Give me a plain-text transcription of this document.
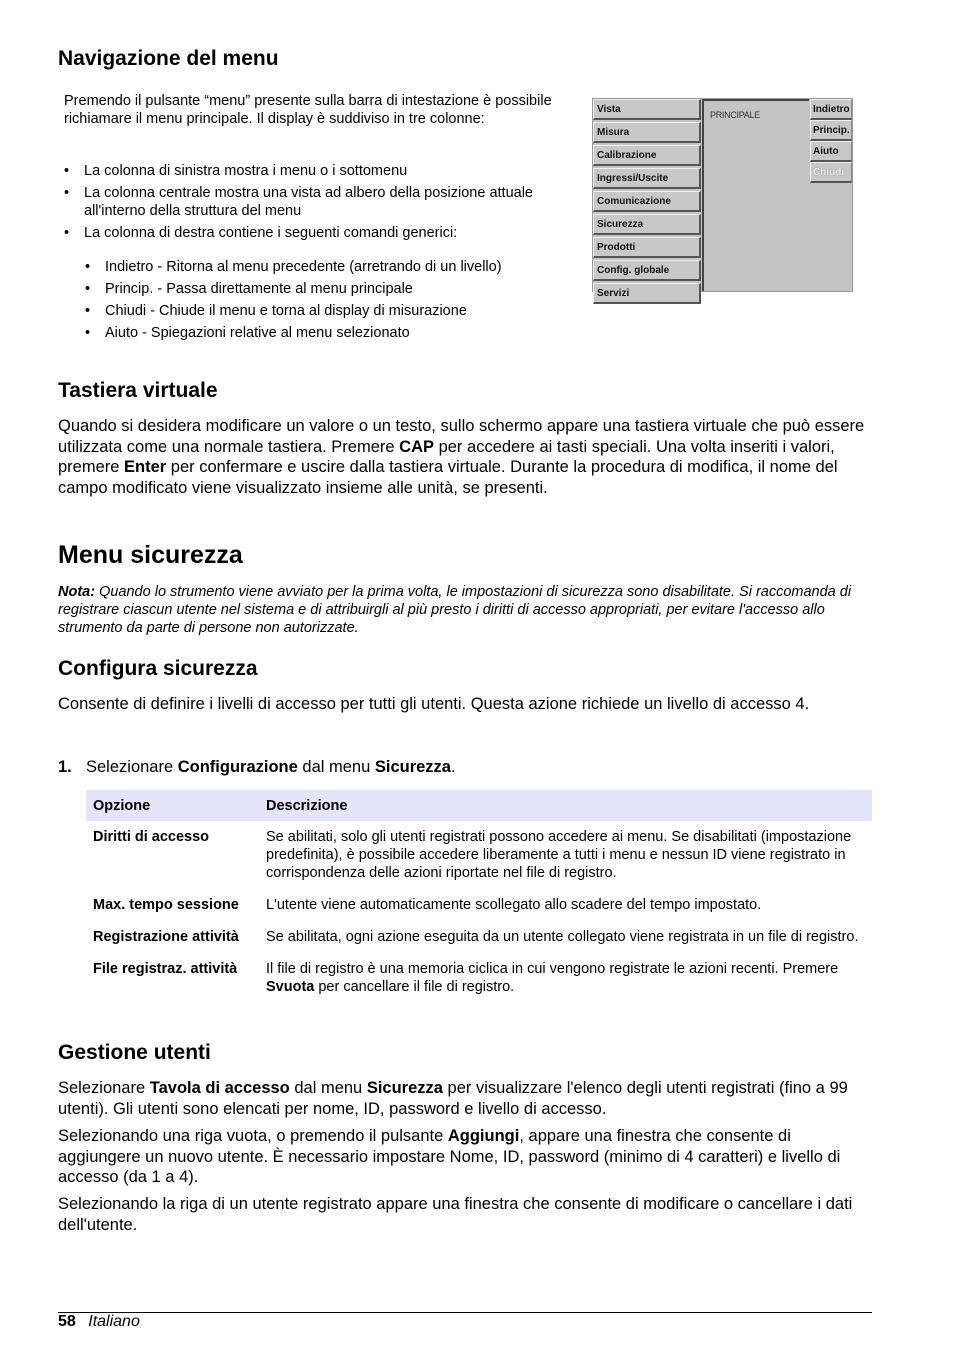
Navigazione del menu
Premendo il pulsante “menu” presente sulla barra di intestazione è possibile richiamare il menu principale. Il display è suddiviso in tre colonne:
• La colonna di sinistra mostra i menu o i sottomenu
• La colonna centrale mostra una vista ad albero della posizione attuale all'interno della struttura del menu
• La colonna di destra contiene i seguenti comandi generici:
• Indietro - Ritorna al menu precedente (arretrando di un livello)
• Princip. - Passa direttamente al menu principale
• Chiudi - Chiude il menu e torna al display di misurazione
• Aiuto - Spiegazioni relative al menu selezionato
Vista
Misura
Calibrazione
Ingressi/Uscite
Comunicazione
Sicurezza
Prodotti
Config. globale
Servizi
PRINCIPALE	Indietro
Princip.
Aiuto
Chiudi
Tastiera virtuale

Quando si desidera modificare un valore o un testo, sullo schermo appare una tastiera virtuale che può essere utilizzata come una normale tastiera. Premere CAP per accedere ai tasti speciali. Una volta inseriti i valori, premere Enter per confermare e uscire dalla tastiera virtuale. Durante la procedura di modifica, il nome del campo modificato viene visualizzato insieme alle unità, se presenti.

Menu sicurezza

Nota: Quando lo strumento viene avviato per la prima volta, le impostazioni di sicurezza sono disabilitate. Si raccomanda di registrare ciascun utente nel sistema e di attribuirgli al più presto i diritti di accesso appropriati, per evitare l'accesso allo strumento da parte di persone non autorizzate.

Configura sicurezza

Consente di definire i livelli di accesso per tutti gli utenti. Questa azione richiede un livello di accesso 4.

1. Selezionare Configurazione dal menu Sicurezza.

Opzione	Descrizione
Diritti di accesso	Se abilitati, solo gli utenti registrati possono accedere ai menu. Se disabilitati (impostazione predefinita), è possibile accedere liberamente a tutti i menu e nessun ID viene registrato in corrispondenza delle azioni riportate nel file di registro.
Max. tempo sessione	L'utente viene automaticamente scollegato allo scadere del tempo impostato.
Registrazione attività	Se abilitata, ogni azione eseguita da un utente collegato viene registrata in un file di registro.
File registraz. attività	Il file di registro è una memoria ciclica in cui vengono registrate le azioni recenti. Premere Svuota per cancellare il file di registro.
Gestione utenti

Selezionare Tavola di accesso dal menu Sicurezza per visualizzare l'elenco degli utenti registrati (fino a 99 utenti). Gli utenti sono elencati per nome, ID, password e livello di accesso.

Selezionando una riga vuota, o premendo il pulsante Aggiungi, appare una finestra che consente di aggiungere un nuovo utente. È necessario impostare Nome, ID, password (minimo di 4 caratteri) e livello di accesso (da 1 a 4).

Selezionando la riga di un utente registrato appare una finestra che consente di modificare o cancellare i dati dell'utente.

58 Italiano
